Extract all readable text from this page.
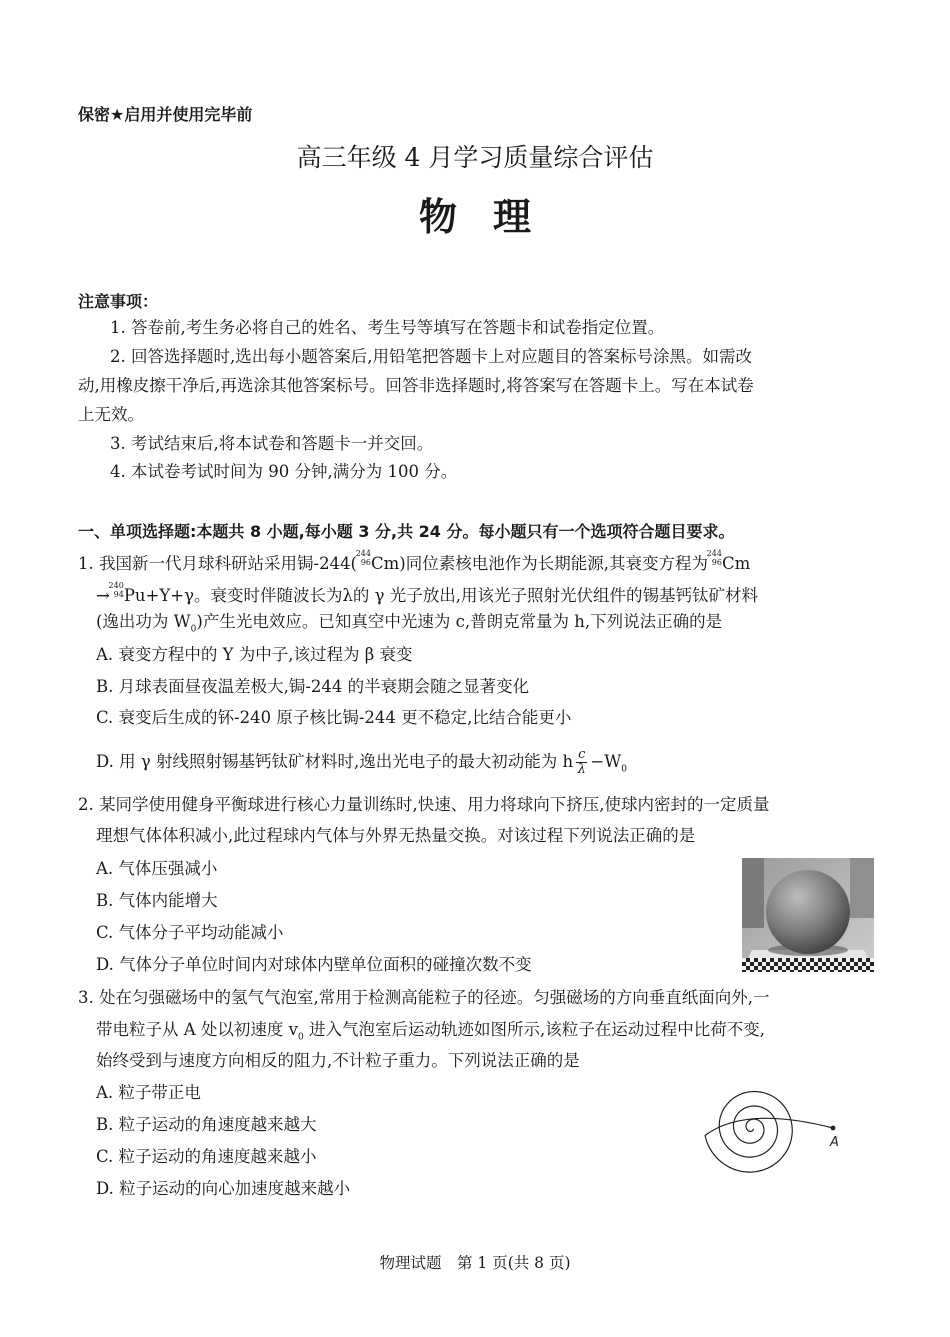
保密★启用并使用完毕前
高三年级 4 月学习质量综合评估
物理
注意事项：
1. 答卷前,考生务必将自己的姓名、考生号等填写在答题卡和试卷指定位置。
2. 回答选择题时,选出每小题答案后,用铅笔把答题卡上对应题目的答案标号涂黑。如需改
动,用橡皮擦干净后,再选涂其他答案标号。回答非选择题时,将答案写在答题卡上。写在本试卷
上无效。
3. 考试结束后,将本试卷和答题卡一并交回。
4. 本试卷考试时间为 90 分钟,满分为 100 分。
一、单项选择题:本题共 8 小题,每小题 3 分,共 24 分。每小题只有一个选项符合题目要求。
1. 我国新一代月球科研站采用锔-244(
244
96 Cm)同位素核电池作为长期能源,其衰变方程为
244
96 Cm
→
240
94 Pu+Y+γ。衰变时伴随波长为λ的 γ 光子放出,用该光子照射光伏组件的锡基钙钛矿材料
(逸出功为 $W_0$)产生光电效应。已知真空中光速为 c,普朗克常量为 h,下列说法正确的是
A. 衰变方程中的 Y 为中子,该过程为 β 衰变
B. 月球表面昼夜温差极大,锔-244 的半衰期会随之显著变化
C. 衰变后生成的钚-240 原子核比锔-244 更不稳定,比结合能更小
D. 用 γ 射线照射锡基钙钛矿材料时,逸出光电子的最大初动能为 h $\frac{c}{\lambda} -W_0$
2. 某同学使用健身平衡球进行核心力量训练时,快速、用力将球向下挤压,使球内密封的一定质量
理想气体体积减小,此过程球内气体与外界无热量交换。对该过程下列说法正确的是
A. 气体压强减小
B. 气体内能增大
C. 气体分子平均动能减小
D. 气体分子单位时间内对球体内壁单位面积的碰撞次数不变
3. 处在匀强磁场中的氢气气泡室,常用于检测高能粒子的径迹。匀强磁场的方向垂直纸面向外,一
带电粒子从 A 处以初速度 $v_0$ 进入气泡室后运动轨迹如图所示,该粒子在运动过程中比荷不变,
始终受到与速度方向相反的阻力,不计粒子重力。下列说法正确的是
A. 粒子带正电
B. 粒子运动的角速度越来越大
C. 粒子运动的角速度越来越小
D. 粒子运动的向心加速度越来越小
A
物理试题　第 1 页(共 8 页)
